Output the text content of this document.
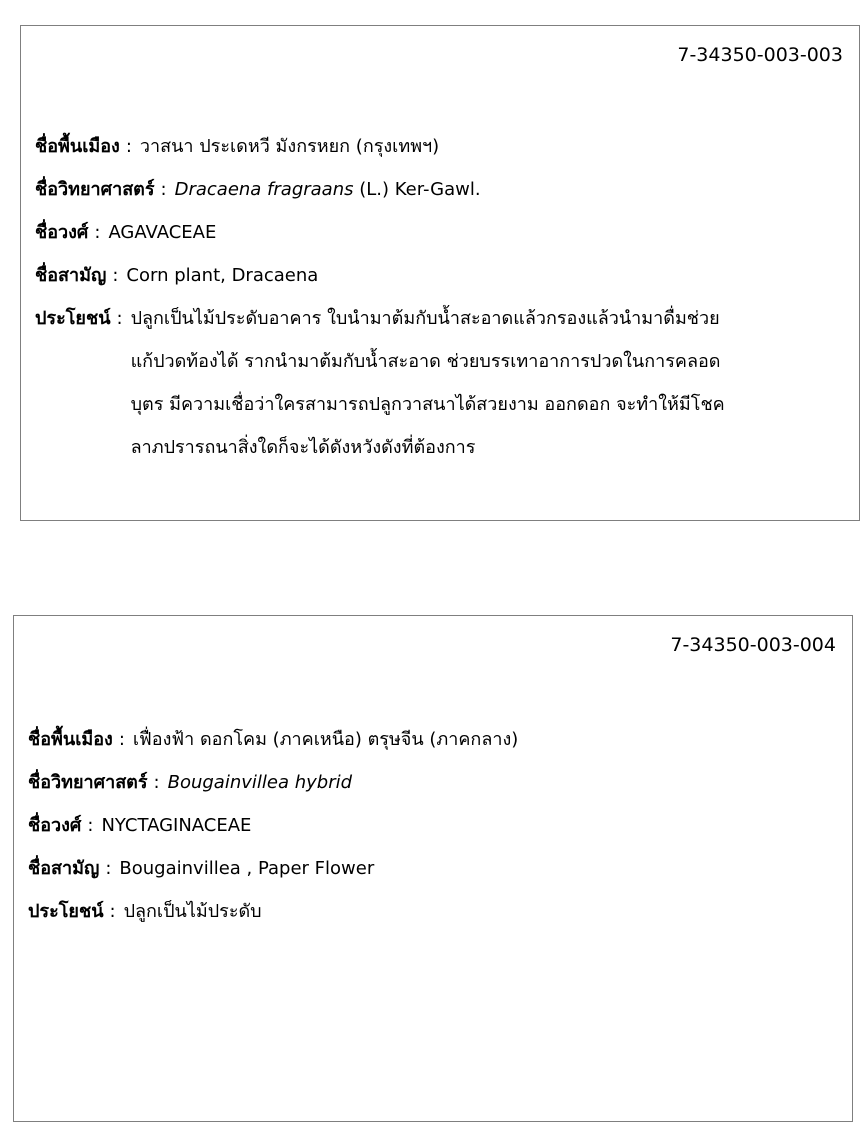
7-34350-003-003
ชื่อพื้นเมือง : วาสนา ประเดหวี มังกรหยก (กรุงเทพฯ)
ชื่อวิทยาศาสตร์ : Dracaena fragraans (L.) Ker-Gawl.
ชื่อวงศ์ : AGAVACEAE
ชื่อสามัญ : Corn plant, Dracaena
ประโยชน์ : ปลูกเป็นไม้ประดับอาคาร ใบนำมาต้มกับน้ำสะอาดแล้วกรองแล้วนำมาดื่มช่วย
แก้ปวดท้องได้ รากนำมาต้มกับน้ำสะอาด ช่วยบรรเทาอาการปวดในการคลอด
บุตร มีความเชื่อว่าใครสามารถปลูกวาสนาได้สวยงาม ออกดอก จะทำให้มีโชค
ลาภปรารถนาสิ่งใดก็จะได้ดังหวังดังที่ต้องการ
7-34350-003-004
ชื่อพื้นเมือง : เฟื่องฟ้า ดอกโคม (ภาคเหนือ) ตรุษจีน (ภาคกลาง)
ชื่อวิทยาศาสตร์ : Bougainvillea hybrid
ชื่อวงศ์ : NYCTAGINACEAE
ชื่อสามัญ : Bougainvillea , Paper Flower
ประโยชน์ : ปลูกเป็นไม้ประดับ
